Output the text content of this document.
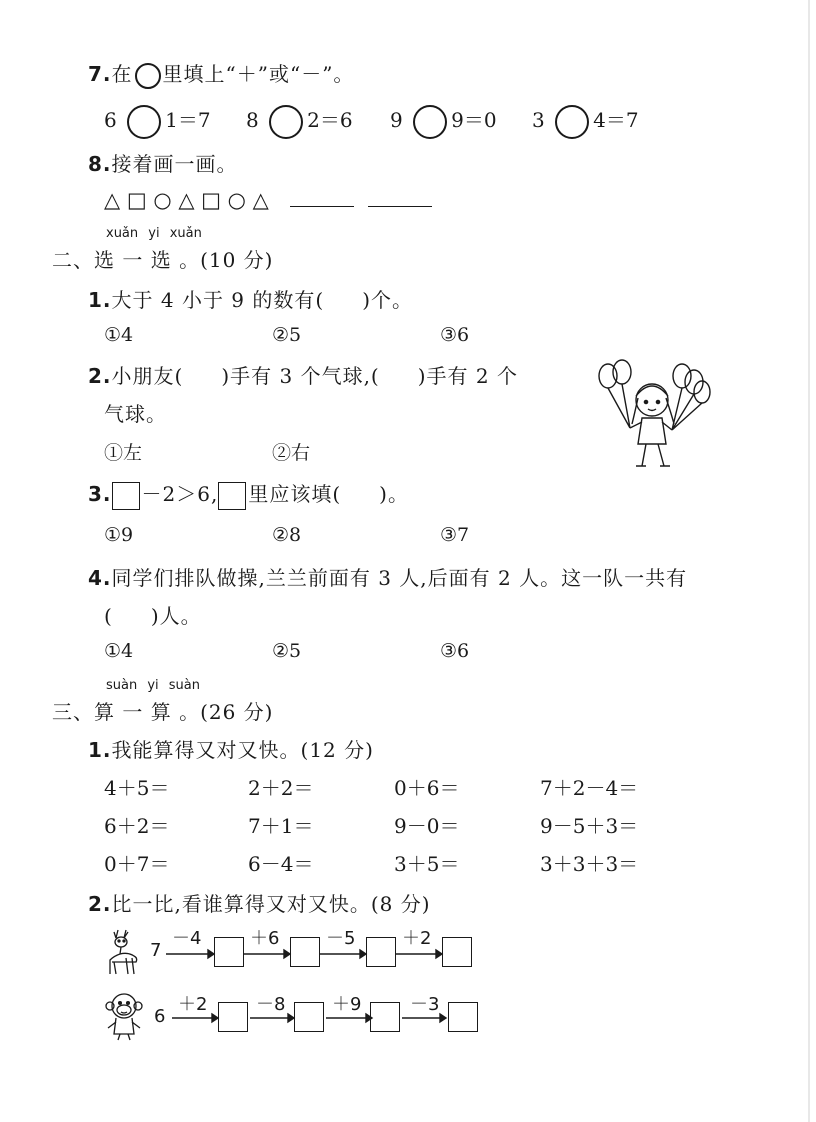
7.在 里填上“＋”或“－”。
6 1＝7 8 2＝6 9 9＝0 3 4＝7
8.接着画一画。
△ □ ○ △ □ ○ △
xuǎn yi xuǎn
二、选 一 选 。(10 分)
1.大于 4 小于 9 的数有( )个。
①4	②5	③6
2.小朋友( )手有 3 个气球,( )手有 2 个
气球。
①左	②右
3. －2＞6, 里应该填( )。
①9	②8	③7
4.同学们排队做操,兰兰前面有 3 人,后面有 2 人。这一队一共有
( )人。
①4	②5	③6
suàn yi suàn
三、算 一 算 。(26 分)
1.我能算得又对又快。(12 分)
4＋5＝	2＋2＝	0＋6＝	7＋2－4＝
6＋2＝	7＋1＝	9－0＝	9－5＋3＝
0＋7＝	6－4＝	3＋5＝	3＋3＋3＝
2.比一比,看谁算得又对又快。(8 分)
7
－4	＋6	－5	＋2
6
＋2	－8	＋9	－3
